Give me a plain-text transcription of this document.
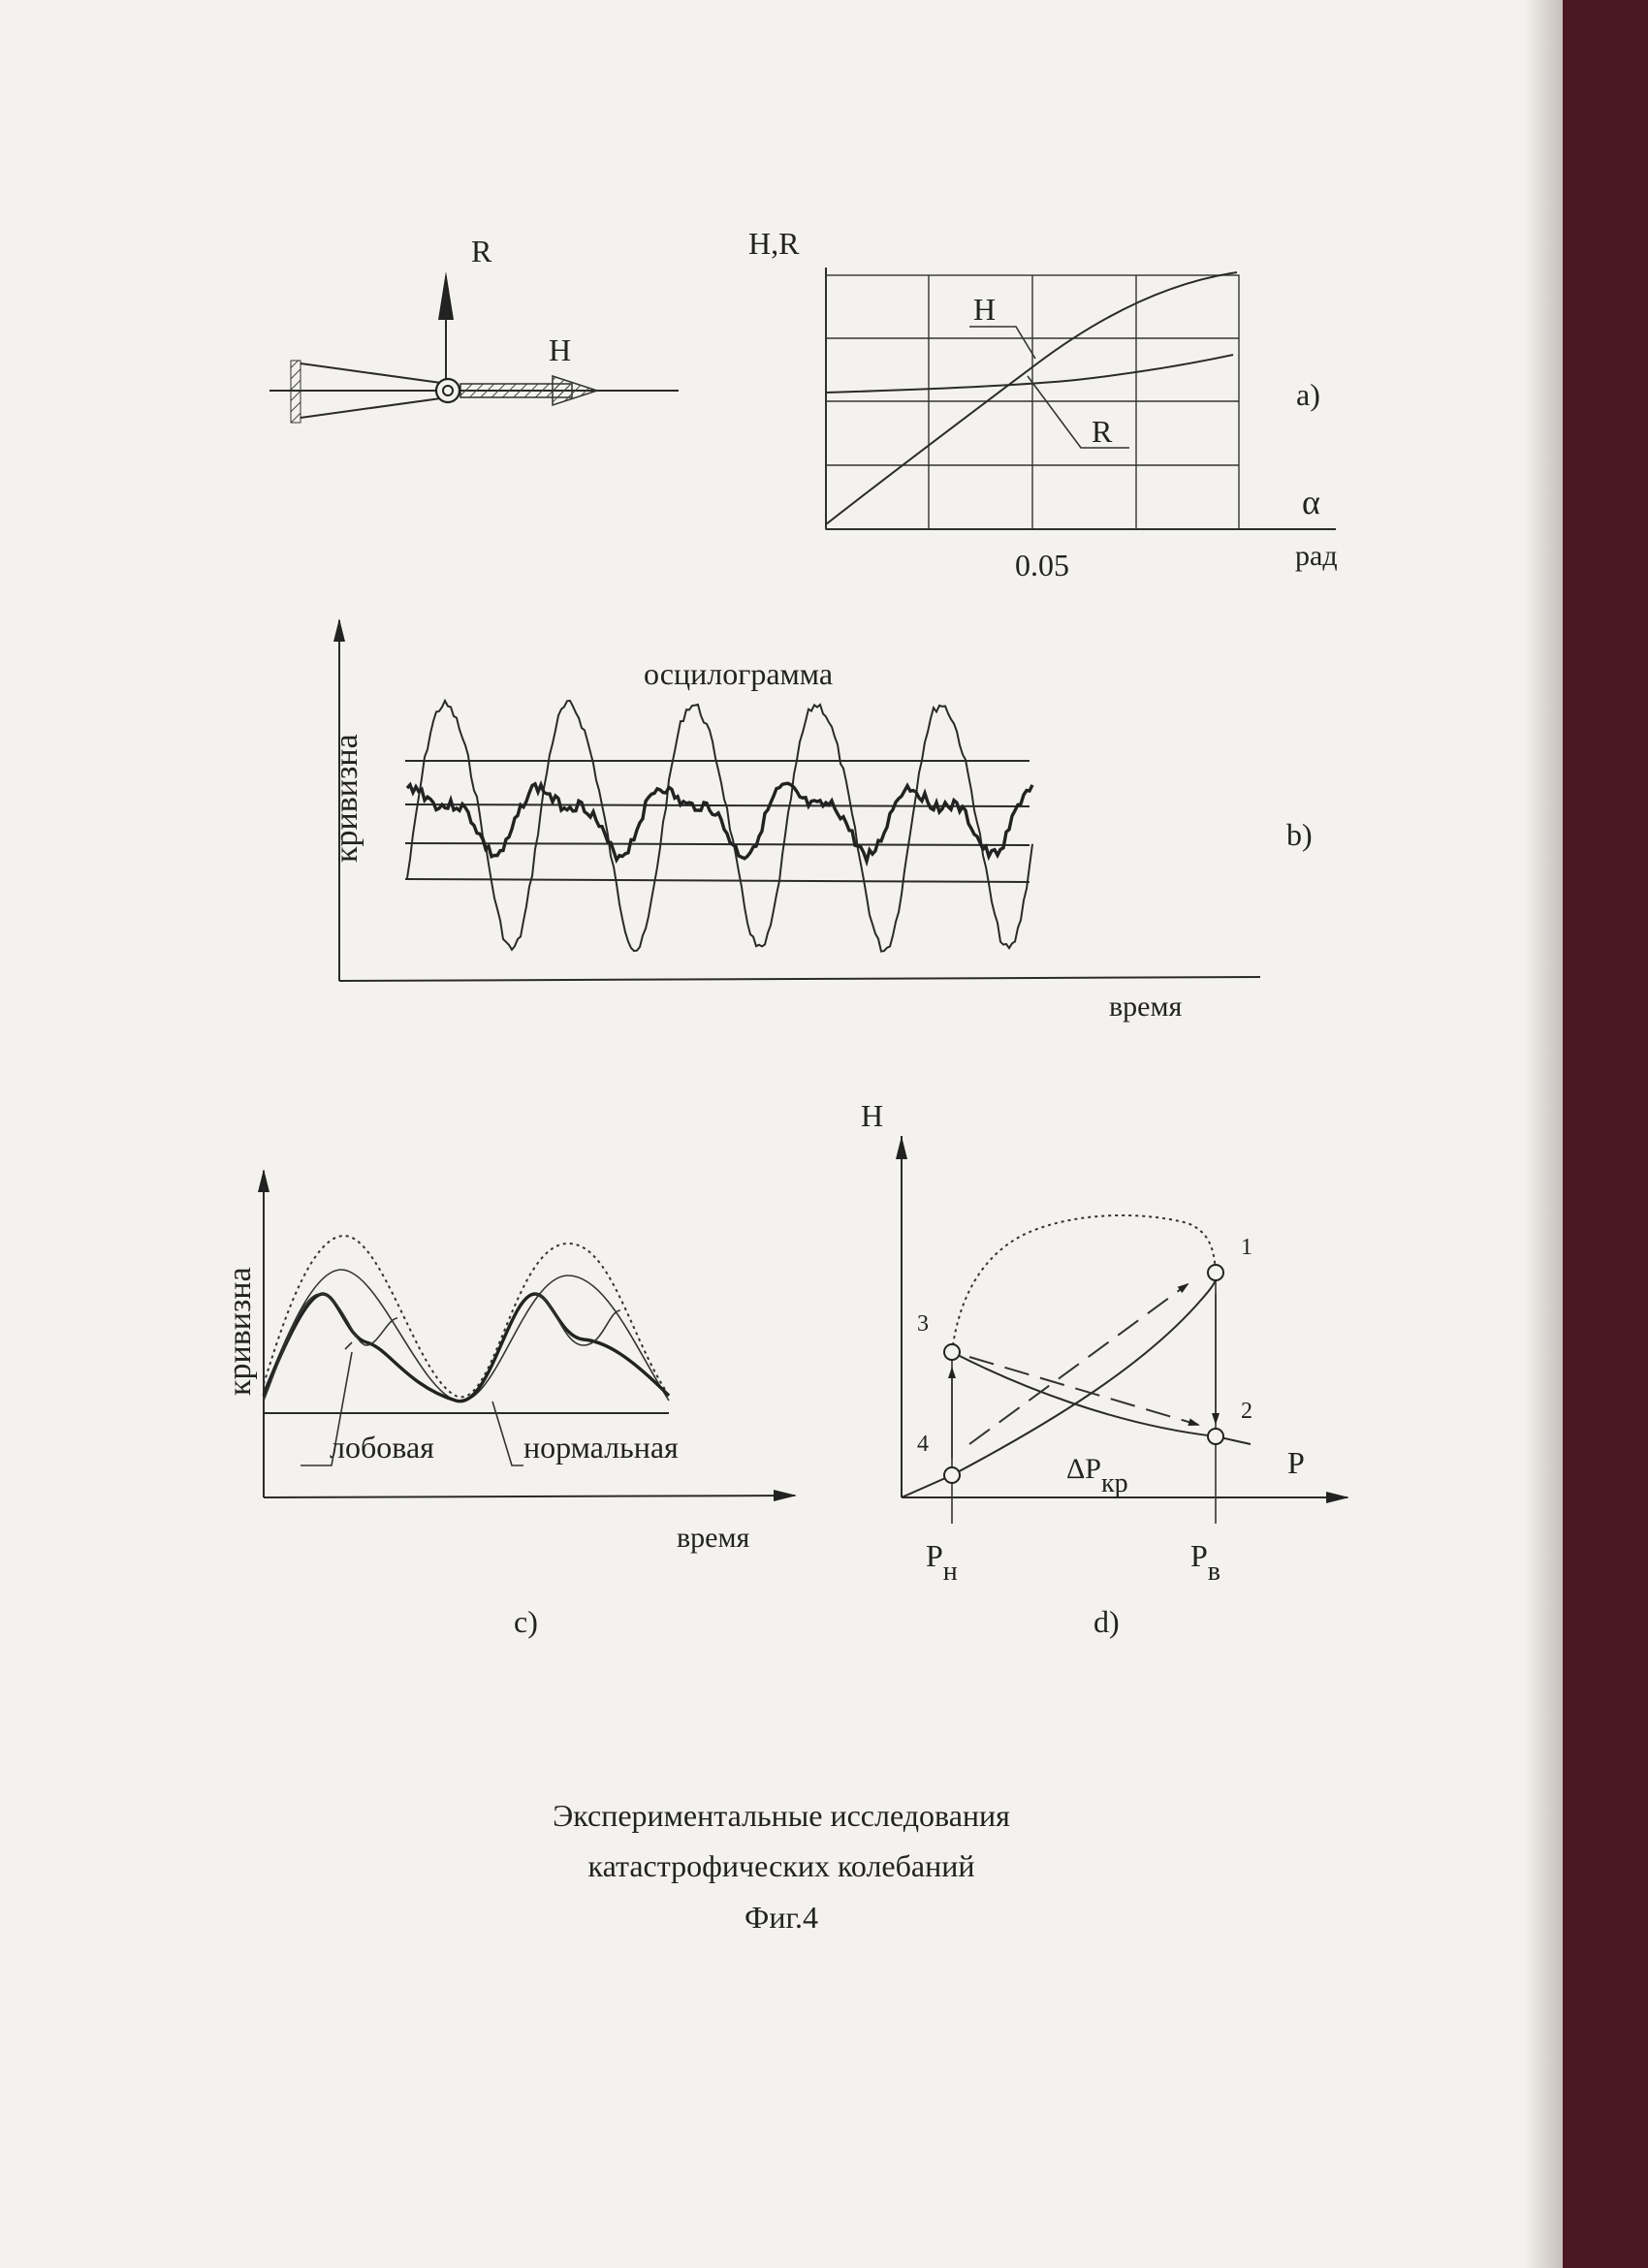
R
H
H,R
H
R
α
рад
0.05
a)
осцилограмма
кривизна
время
b)
кривизна
лобовая	нормальная
время
c)
1
2
3
4
H
P
Pн	Pв
ΔPкр
d)
Экспериментальные исследования
катастрофических колебаний
Фиг.4
